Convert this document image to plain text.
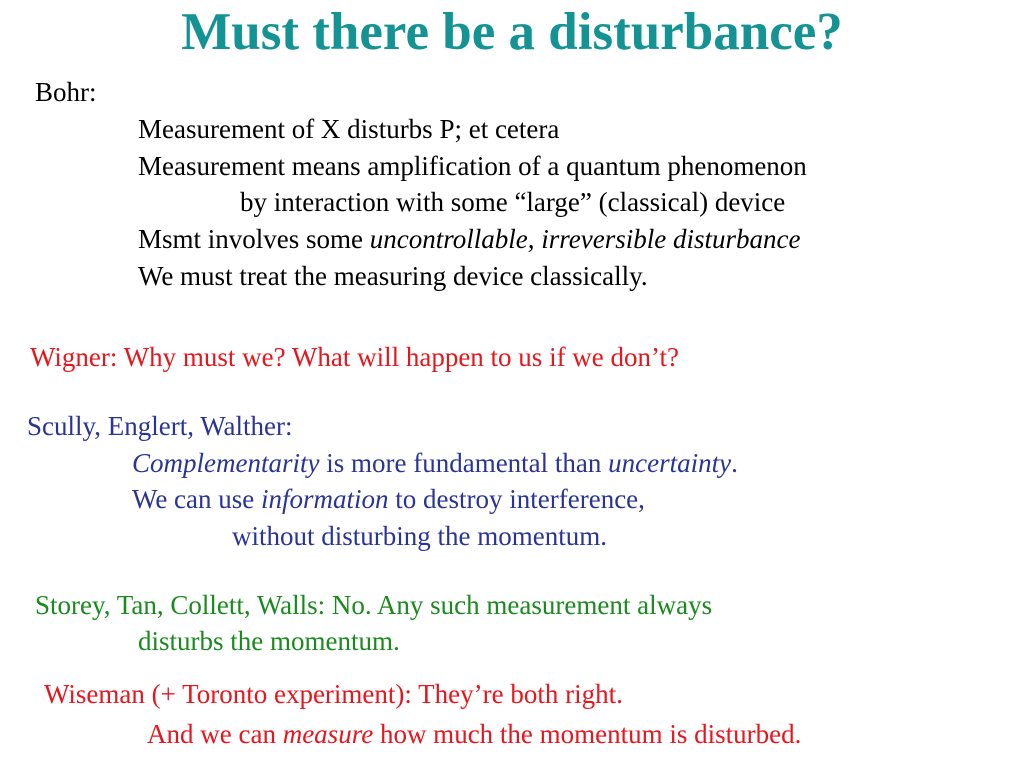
Must there be a disturbance?
Bohr:
Measurement of X disturbs P; et cetera
Measurement means amplification of a quantum phenomenon
by interaction with some “large” (classical) device
Msmt involves some uncontrollable, irreversible disturbance
We must treat the measuring device classically.
Wigner: Why must we? What will happen to us if we don’t?
Scully, Englert, Walther:
Complementarity is more fundamental than uncertainty.
We can use information to destroy interference,
without disturbing the momentum.
Storey, Tan, Collett, Walls: No. Any such measurement always
disturbs the momentum.
Wiseman (+ Toronto experiment): They’re both right.
And we can measure how much the momentum is disturbed.
